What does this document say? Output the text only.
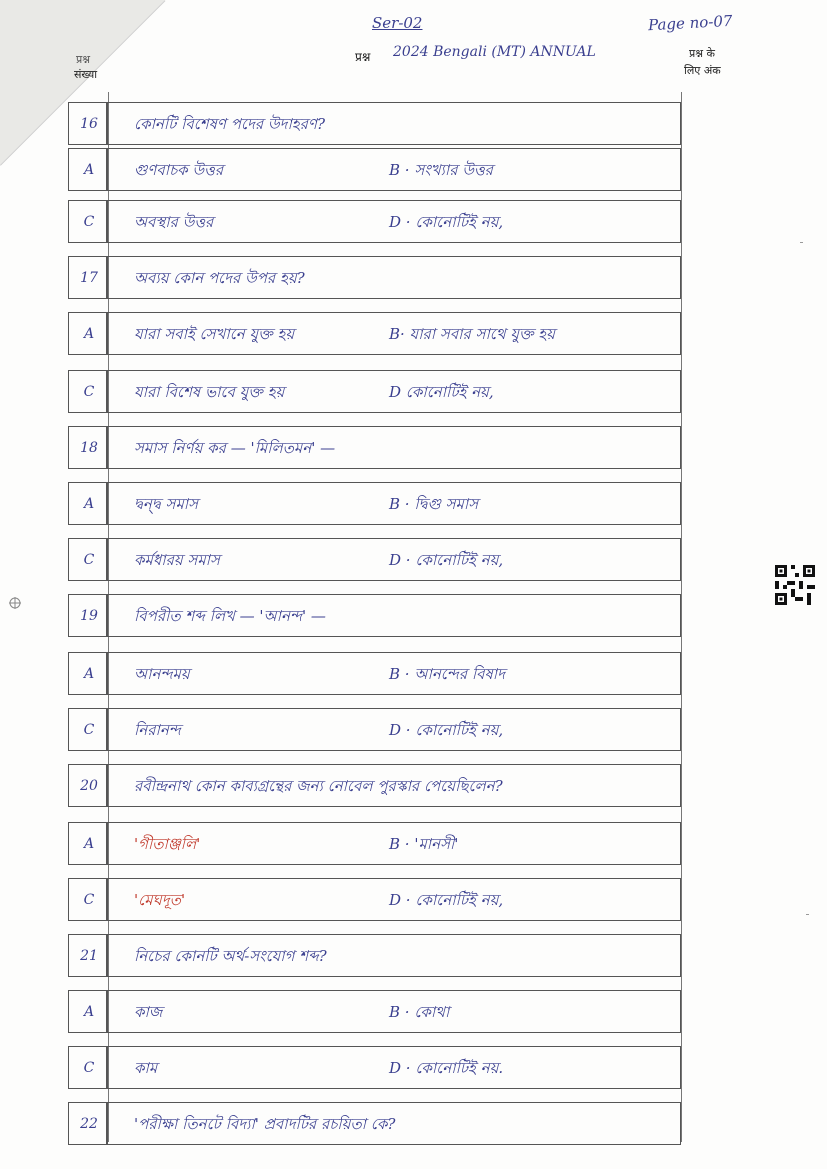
Ser-02	Page no-07
प्रश्न 2024 Bengali (MT) ANNUAL
प्रश्न
संख्या
प्रश्न के
लिए अंक
16	কোনটি বিশেষণ পদের উদাহরণ?
A	গুণবাচক উত্তর	B · সংখ্যার উত্তর
C	অবস্থার উত্তর	D · কোনোটিই নয়,
17	অব্যয় কোন পদের উপর হয়?
A	যারা সবাই সেখানে যুক্ত হয়	B· যারা সবার সাথে যুক্ত হয়
C	যারা বিশেষ ভাবে যুক্ত হয়	D কোনোটিই নয়,
18	সমাস নির্ণয় কর — 'মিলিতমন' —
A	দ্বন্দ্ব সমাস	B · দ্বিগু সমাস
C	কর্মধারয় সমাস	D · কোনোটিই নয়,
19	বিপরীত শব্দ লিখ — 'আনন্দ' —
A	আনন্দময়	B · আনন্দের বিষাদ
C	নিরানন্দ	D · কোনোটিই নয়,
20	রবীন্দ্রনাথ কোন কাব্যগ্রন্থের জন্য নোবেল পুরস্কার পেয়েছিলেন?
A	'গীতাঞ্জলি'	B · 'মানসী'
C	'মেঘদূত'	D · কোনোটিই নয়,
21	নিচের কোনটি অর্থ-সংযোগ শব্দ?
A	কাজ	B · কোথা
C	কাম	D · কোনোটিই নয়.
22	'পরীক্ষা তিনটে বিদ্যা' প্রবাদটির রচয়িতা কে?
